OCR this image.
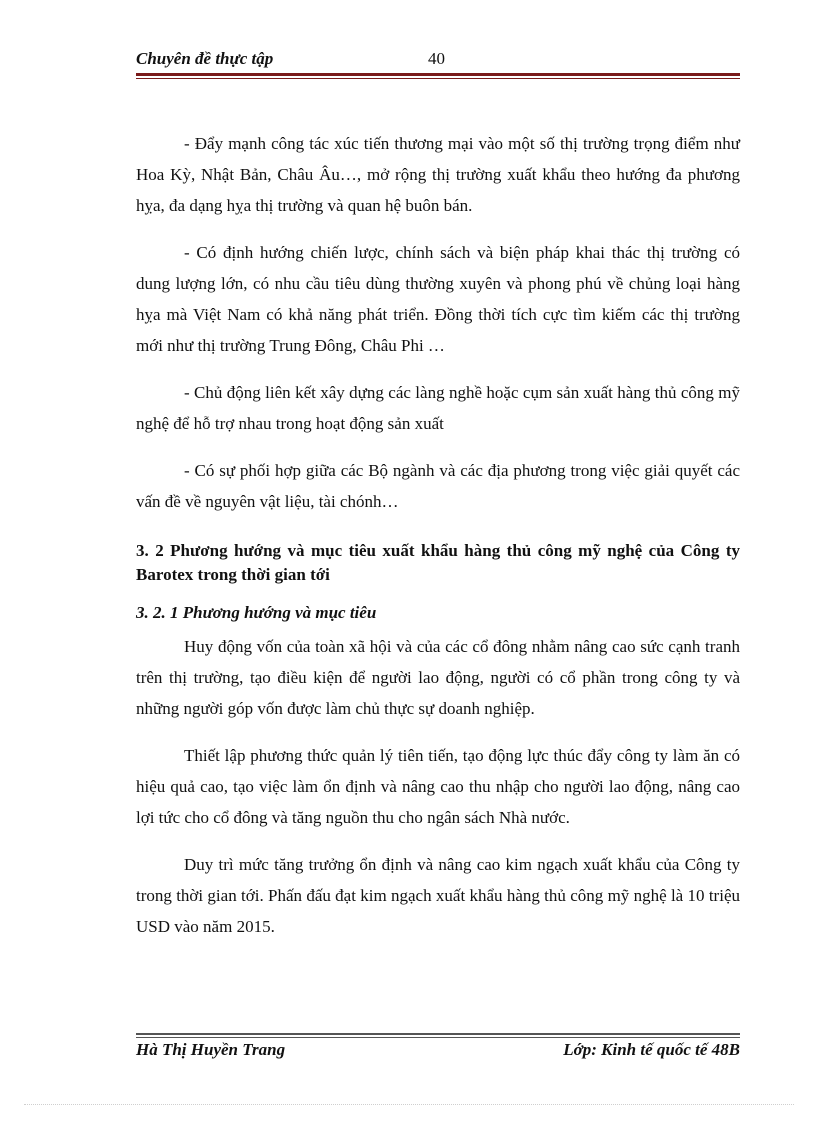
Chuyên đề thực tập	40

- Đẩy mạnh công tác xúc tiến thương mại vào một số thị trường trọng điểm như Hoa Kỳ, Nhật Bản, Châu Âu…, mở rộng thị trường xuất khẩu theo hướng đa phương hỵa, đa dạng hỵa thị trường và quan hệ buôn bán.

- Có định hướng chiến lược, chính sách và biện pháp khai thác thị trường có dung lượng lớn, có nhu cầu tiêu dùng thường xuyên và phong phú về chủng loại hàng hỵa mà Việt Nam có khả năng phát triển. Đồng thời tích cực tìm kiếm các thị trường mới như thị trường Trung Đông, Châu Phi …

- Chủ động liên kết xây dựng các làng nghề hoặc cụm sản xuất hàng thủ công mỹ nghệ để hỗ trợ nhau trong hoạt động sản xuất

- Có sự phối hợp giữa các Bộ ngành và các địa phương trong việc giải quyết các vấn đề về nguyên vật liệu, tài chónh…

3. 2 Phương hướng và mục tiêu xuất khẩu hàng thủ công mỹ nghệ của Công ty Barotex trong thời gian tới
3. 2. 1 Phương hướng và mục tiêu

Huy động vốn của toàn xã hội và của các cổ đông nhằm nâng cao sức cạnh tranh trên thị trường, tạo điều kiện để người lao động, người có cổ phần trong công ty và những người góp vốn được làm chủ thực sự doanh nghiệp.

Thiết lập phương thức quản lý tiên tiến, tạo động lực thúc đẩy công ty làm ăn có hiệu quả cao, tạo việc làm ổn định và nâng cao thu nhập cho người lao động, nâng cao lợi tức cho cổ đông và tăng nguồn thu cho ngân sách Nhà nước.

Duy trì mức tăng trưởng ổn định và nâng cao kim ngạch xuất khẩu của Công ty trong thời gian tới. Phấn đấu đạt kim ngạch xuất khẩu hàng thủ công mỹ nghệ là 10 triệu USD vào năm 2015.

Hà Thị Huyền Trang	Lớp: Kinh tế quốc tế 48B
